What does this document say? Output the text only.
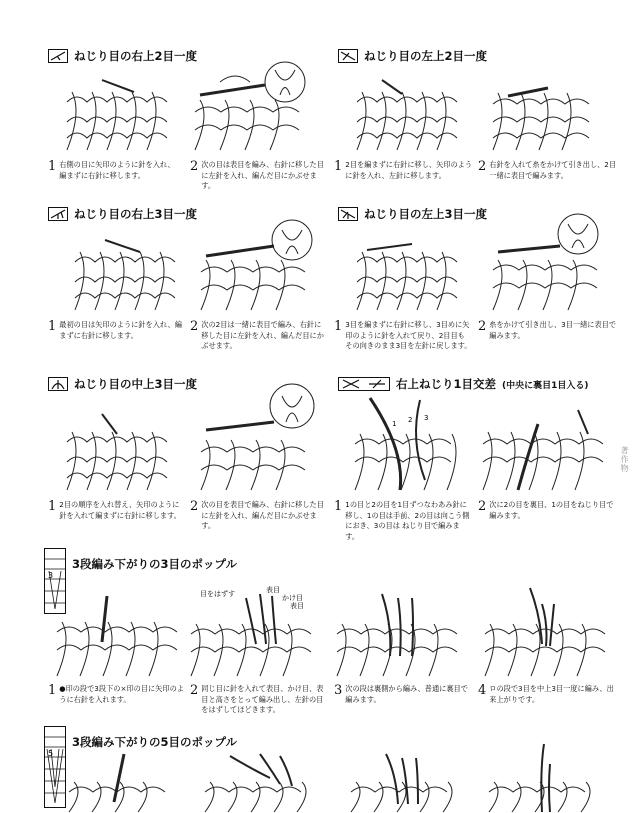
ねじり目の右上2目一度	ねじり目の左上2目一度
1 右側の目に矢印のように針を入れ、編まずに右針に移します。
2 次の目は表目を編み、右針に移した目に左針を入れ、編んだ目にかぶせます。
1 2目を編まずに右針に移し、矢印のように針を入れ、左針に移します。
2 右針を入れて糸をかけて引き出し、2目一緒に表目で編みます。
ねじり目の右上3目一度	ねじり目の左上3目一度
1 最初の目は矢印のように針を入れ、編まずに右針に移します。
2 次の2目は一緒に表目で編み、右針に移した目に左針を入れ、編んだ目にかぶせます。
1 3目を編まずに右針に移し、3目めに矢印のように針を入れて戻り、2目目もその向きのまま3目を左針に戻します。
2 糸をかけて引き出し、3目一緒に表目で編みます。
ねじり目の中上3目一度	右上ねじり1目交差 (中央に裏目1目入る)
1 2 3
1 2目の順序を入れ替え、矢印のように針を入れて編まずに右針に移します。
2 次の目を表目で編み、右針に移した目に左針を入れ、編んだ目にかぶせます。
1 1の目と2の目を1目ずつなわあみ針に移し、1の目は手前、2の目は向こう側におき、3の目は ねじり目で編みます。
2 次に2の目を裏目、1の目をねじり目で編みます。
著作物
3
3段編み下がりの3目のポップル
目をはずす	表目
かけ目
表目
1 ●印の段で3段下の×印の目に矢印のように右針を入れます。
2 同じ目に針を入れて表目、かけ目、表目と高さをとって編み出し、左針の目をはずしてほどきます。
3 次の段は裏側から編み、普通に裏目で編みます。
4 ロの段で3目を中上3目一度に編み、出来上がりです。
5
3段編み下がりの5目のポップル
